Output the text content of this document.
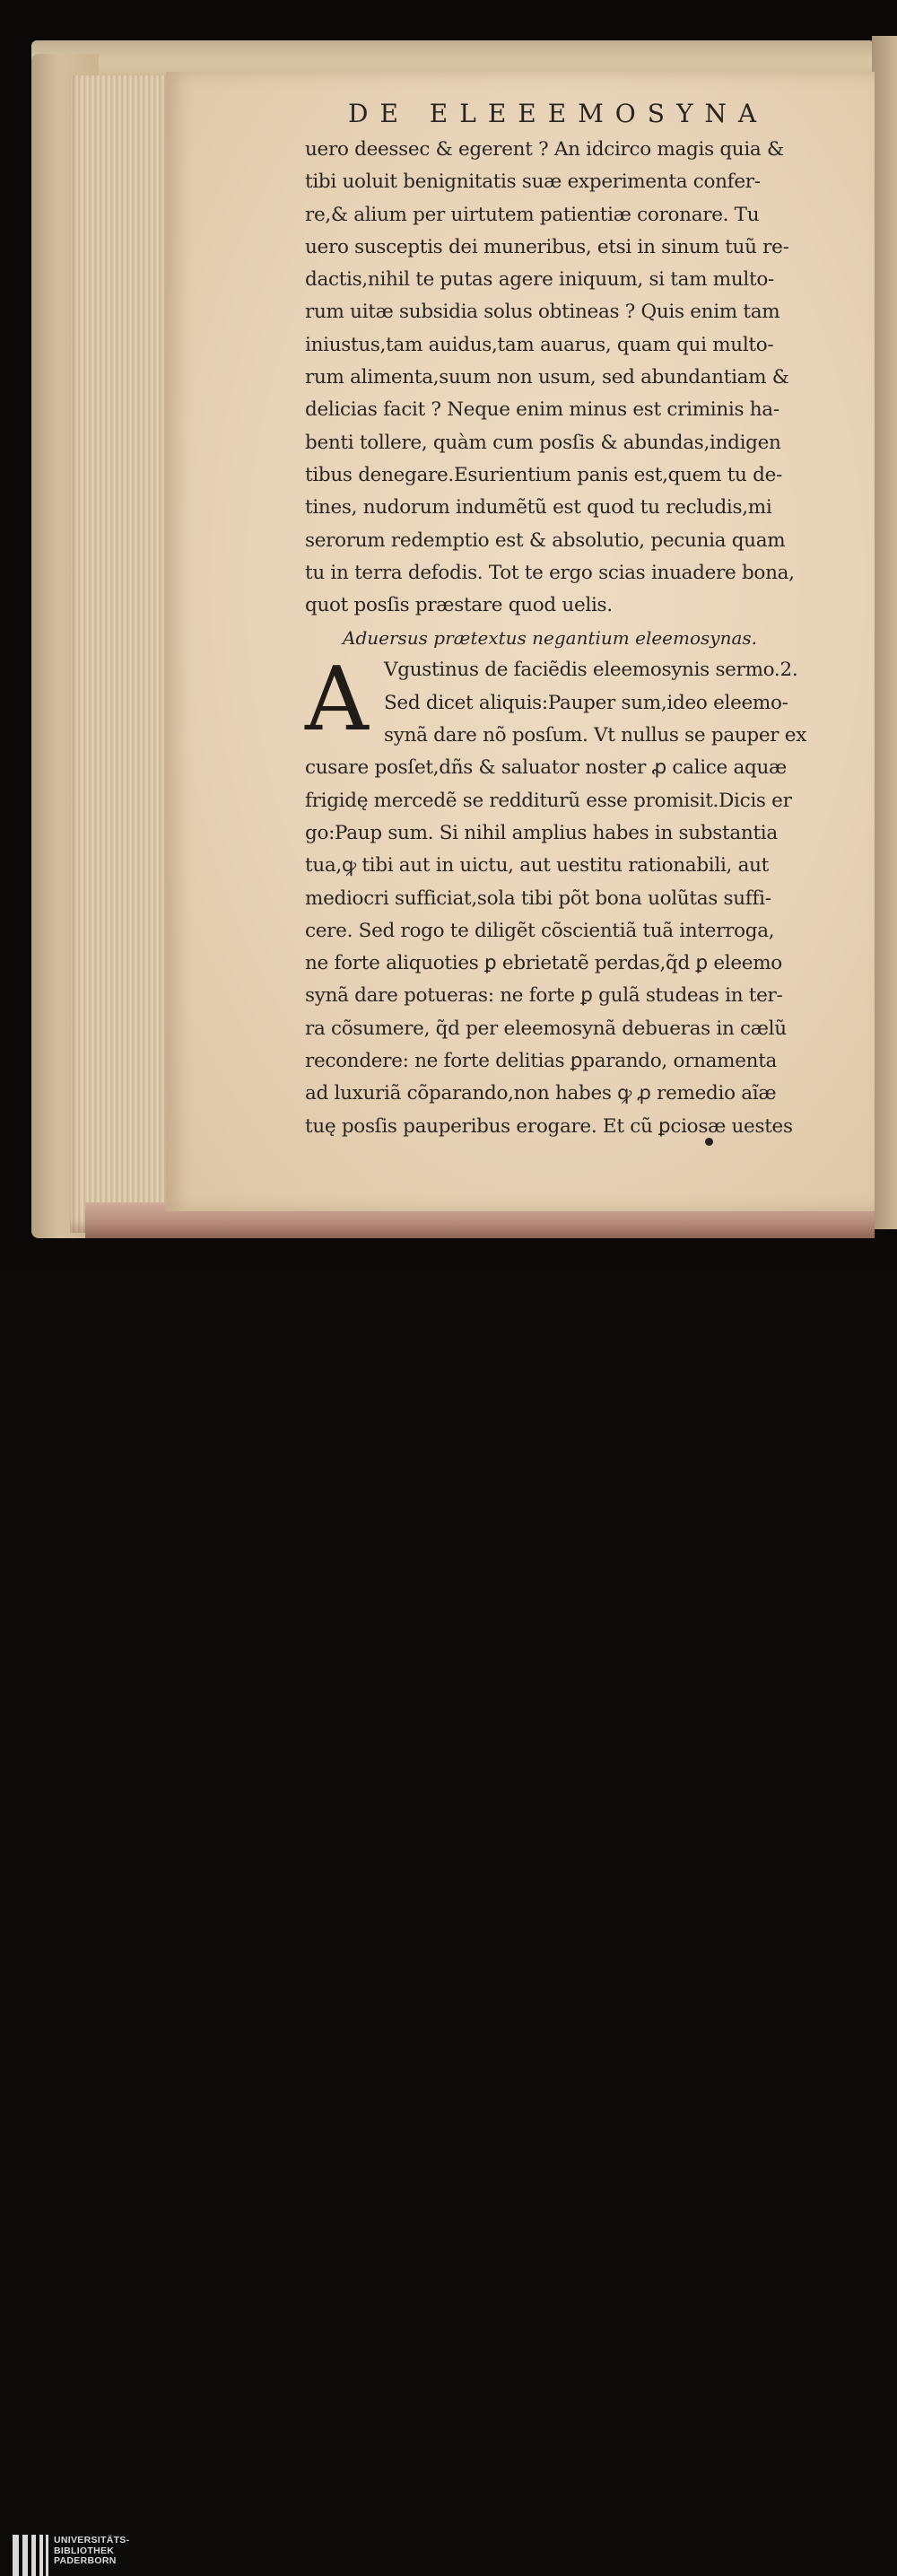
DE ELEEEMOSYNA
uero deessec & egerent ? An idcirco magis quia &
tibi uoluit benignitatis suæ experimenta confer-
re,& alium per uirtutem patientiæ coronare. Tu
uero susceptis dei muneribus, etsi in sinum tuũ re-
dactis,nihil te putas agere iniquum, si tam multo-
rum uitæ subsidia solus obtineas ? Quis enim tam
iniustus,tam auidus,tam auarus, quam qui multo-
rum alimenta,suum non usum, sed abundantiam &
delicias facit ? Neque enim minus est criminis ha-
benti tollere, quàm cum posſis & abundas,indigen
tibus denegare.Esurientium panis est,quem tu de-
tines, nudorum indumẽtũ est quod tu recludis,mi
serorum redemptio est & absolutio, pecunia quam
tu in terra defodis. Tot te ergo scias inuadere bona,
quot posſis præstare quod uelis.
Aduersus prætextus negantium eleemosynas.
A Vgustinus de faciẽdis eleemosynis sermo.2.
Sed dicet aliquis:Pauper sum,ideo eleemo-
synã dare nõ posſum. Vt nullus se pauper ex
cusare posſet,dñs & saluator noster ꝓ calice aquæ
frigidę mercedẽ se redditurũ esse promisit.Dicis er
go:Paup sum. Si nihil amplius habes in substantia
tua,ꝙ tibi aut in uictu, aut uestitu rationabili, aut
mediocri sufficiat,sola tibi põt bona uolũtas suffi-
cere. Sed rogo te diligẽt cõscientiã tuã interroga,
ne forte aliquoties ꝑ ebrietatẽ perdas,q̃d ꝑ eleemo
synã dare potueras: ne forte ꝑ gulã studeas in ter-
ra cõsumere, q̃d per eleemosynã debueras in cælũ
recondere: ne forte delitias ꝑparando, ornamenta
ad luxuriã cõparando,non habes ꝙ ꝓ remedio aĩæ
tuę posſis pauperibus erogare. Et cũ ꝑciosæ uestes
UNIVERSITÄTS-
BIBLIOTHEK
PADERBORN
